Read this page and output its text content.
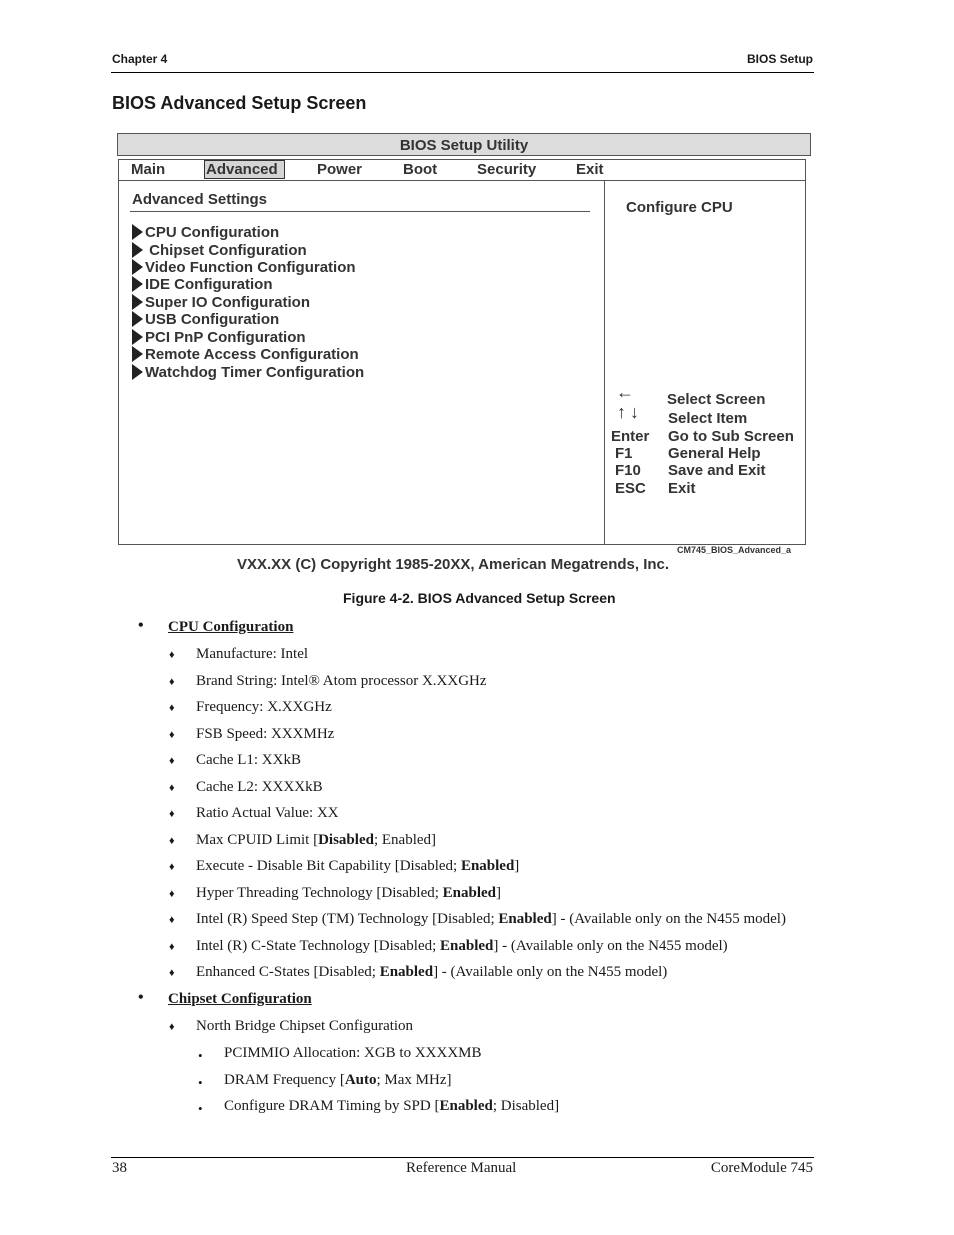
Chapter 4	BIOS Setup
BIOS Advanced Setup Screen
BIOS Setup Utility
Main	Advanced	Power	Boot	Security	Exit
Advanced Settings
CPU Configuration
Chipset Configuration
Video Function Configuration
IDE Configuration
Super IO Configuration
USB Configuration
PCI PnP Configuration
Remote Access Configuration
Watchdog Timer Configuration
Configure CPU
← Select Screen
↑↓ Select Item
Enter Go to Sub Screen
F1 General Help
F10 Save and Exit
ESC Exit
CM745_BIOS_Advanced_a
VXX.XX (C) Copyright 1985-20XX, American Megatrends, Inc.
Figure 4-2. BIOS Advanced Setup Screen
• CPU Configuration
♦ Manufacture: Intel
♦ Brand String: Intel® Atom processor X.XXGHz
♦ Frequency: X.XXGHz
♦ FSB Speed: XXXMHz
♦ Cache L1: XXkB
♦ Cache L2: XXXXkB
♦ Ratio Actual Value: XX
♦ Max CPUID Limit [Disabled; Enabled]
♦ Execute - Disable Bit Capability [Disabled; Enabled]
♦ Hyper Threading Technology [Disabled; Enabled]
♦ Intel (R) Speed Step (TM) Technology [Disabled; Enabled] - (Available only on the N455 model)
♦ Intel (R) C-State Technology [Disabled; Enabled] - (Available only on the N455 model)
♦ Enhanced C-States [Disabled; Enabled] - (Available only on the N455 model)
• Chipset Configuration
♦ North Bridge Chipset Configuration
• PCIMMIO Allocation: XGB to XXXXMB
• DRAM Frequency [Auto; Max MHz]
• Configure DRAM Timing by SPD [Enabled; Disabled]
38	Reference Manual	CoreModule 745
